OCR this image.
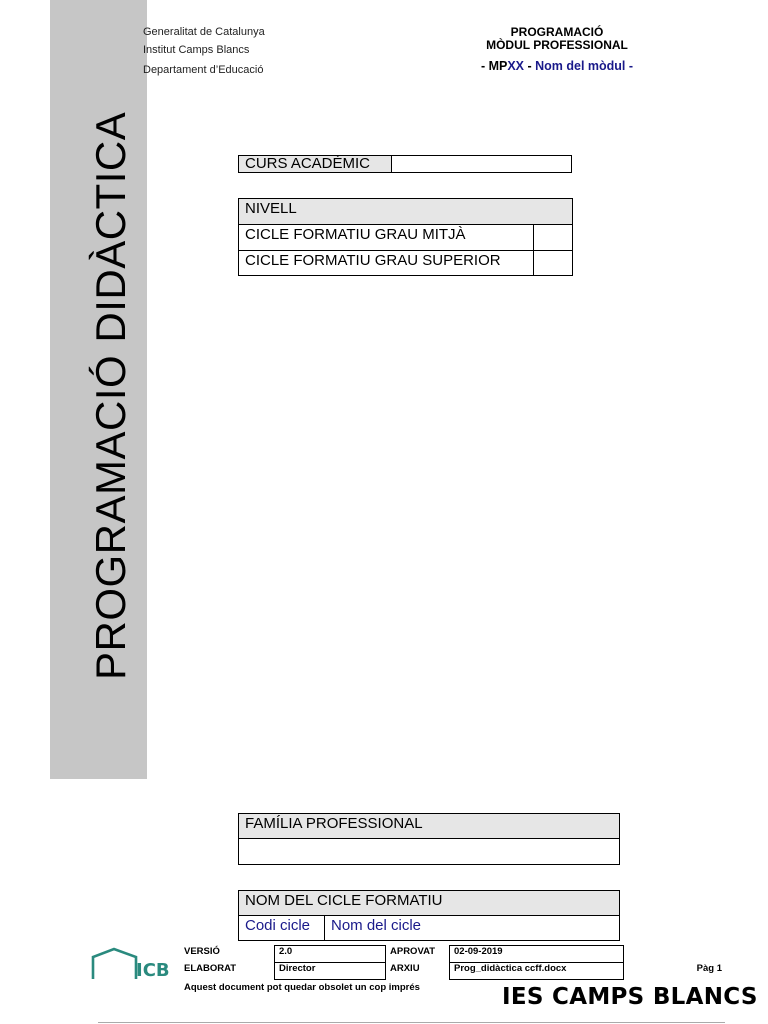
PROGRAMACIÓ DIDÀCTICA
Generalitat de Catalunya
Institut Camps Blancs
Departament d’Educació
PROGRAMACIÓ
MÒDUL PROFESSIONAL
- MPXX - Nom del mòdul -
CURS ACADÈMIC	
NIVELL	
CICLE FORMATIU GRAU MITJÀ	
CICLE FORMATIU GRAU SUPERIOR	
FAMÍLIA PROFESSIONAL

NOM DEL CICLE FORMATIU
Codi cicle	Nom del cicle
ICB
VERSIÓ	2.0	APROVAT	02-09-2019	
ELABORAT	Director	ARXIU	Prog_didàctica ccff.docx	Pàg 1
Aquest document pot quedar obsolet un cop imprés	IES CAMPS BLANCS
